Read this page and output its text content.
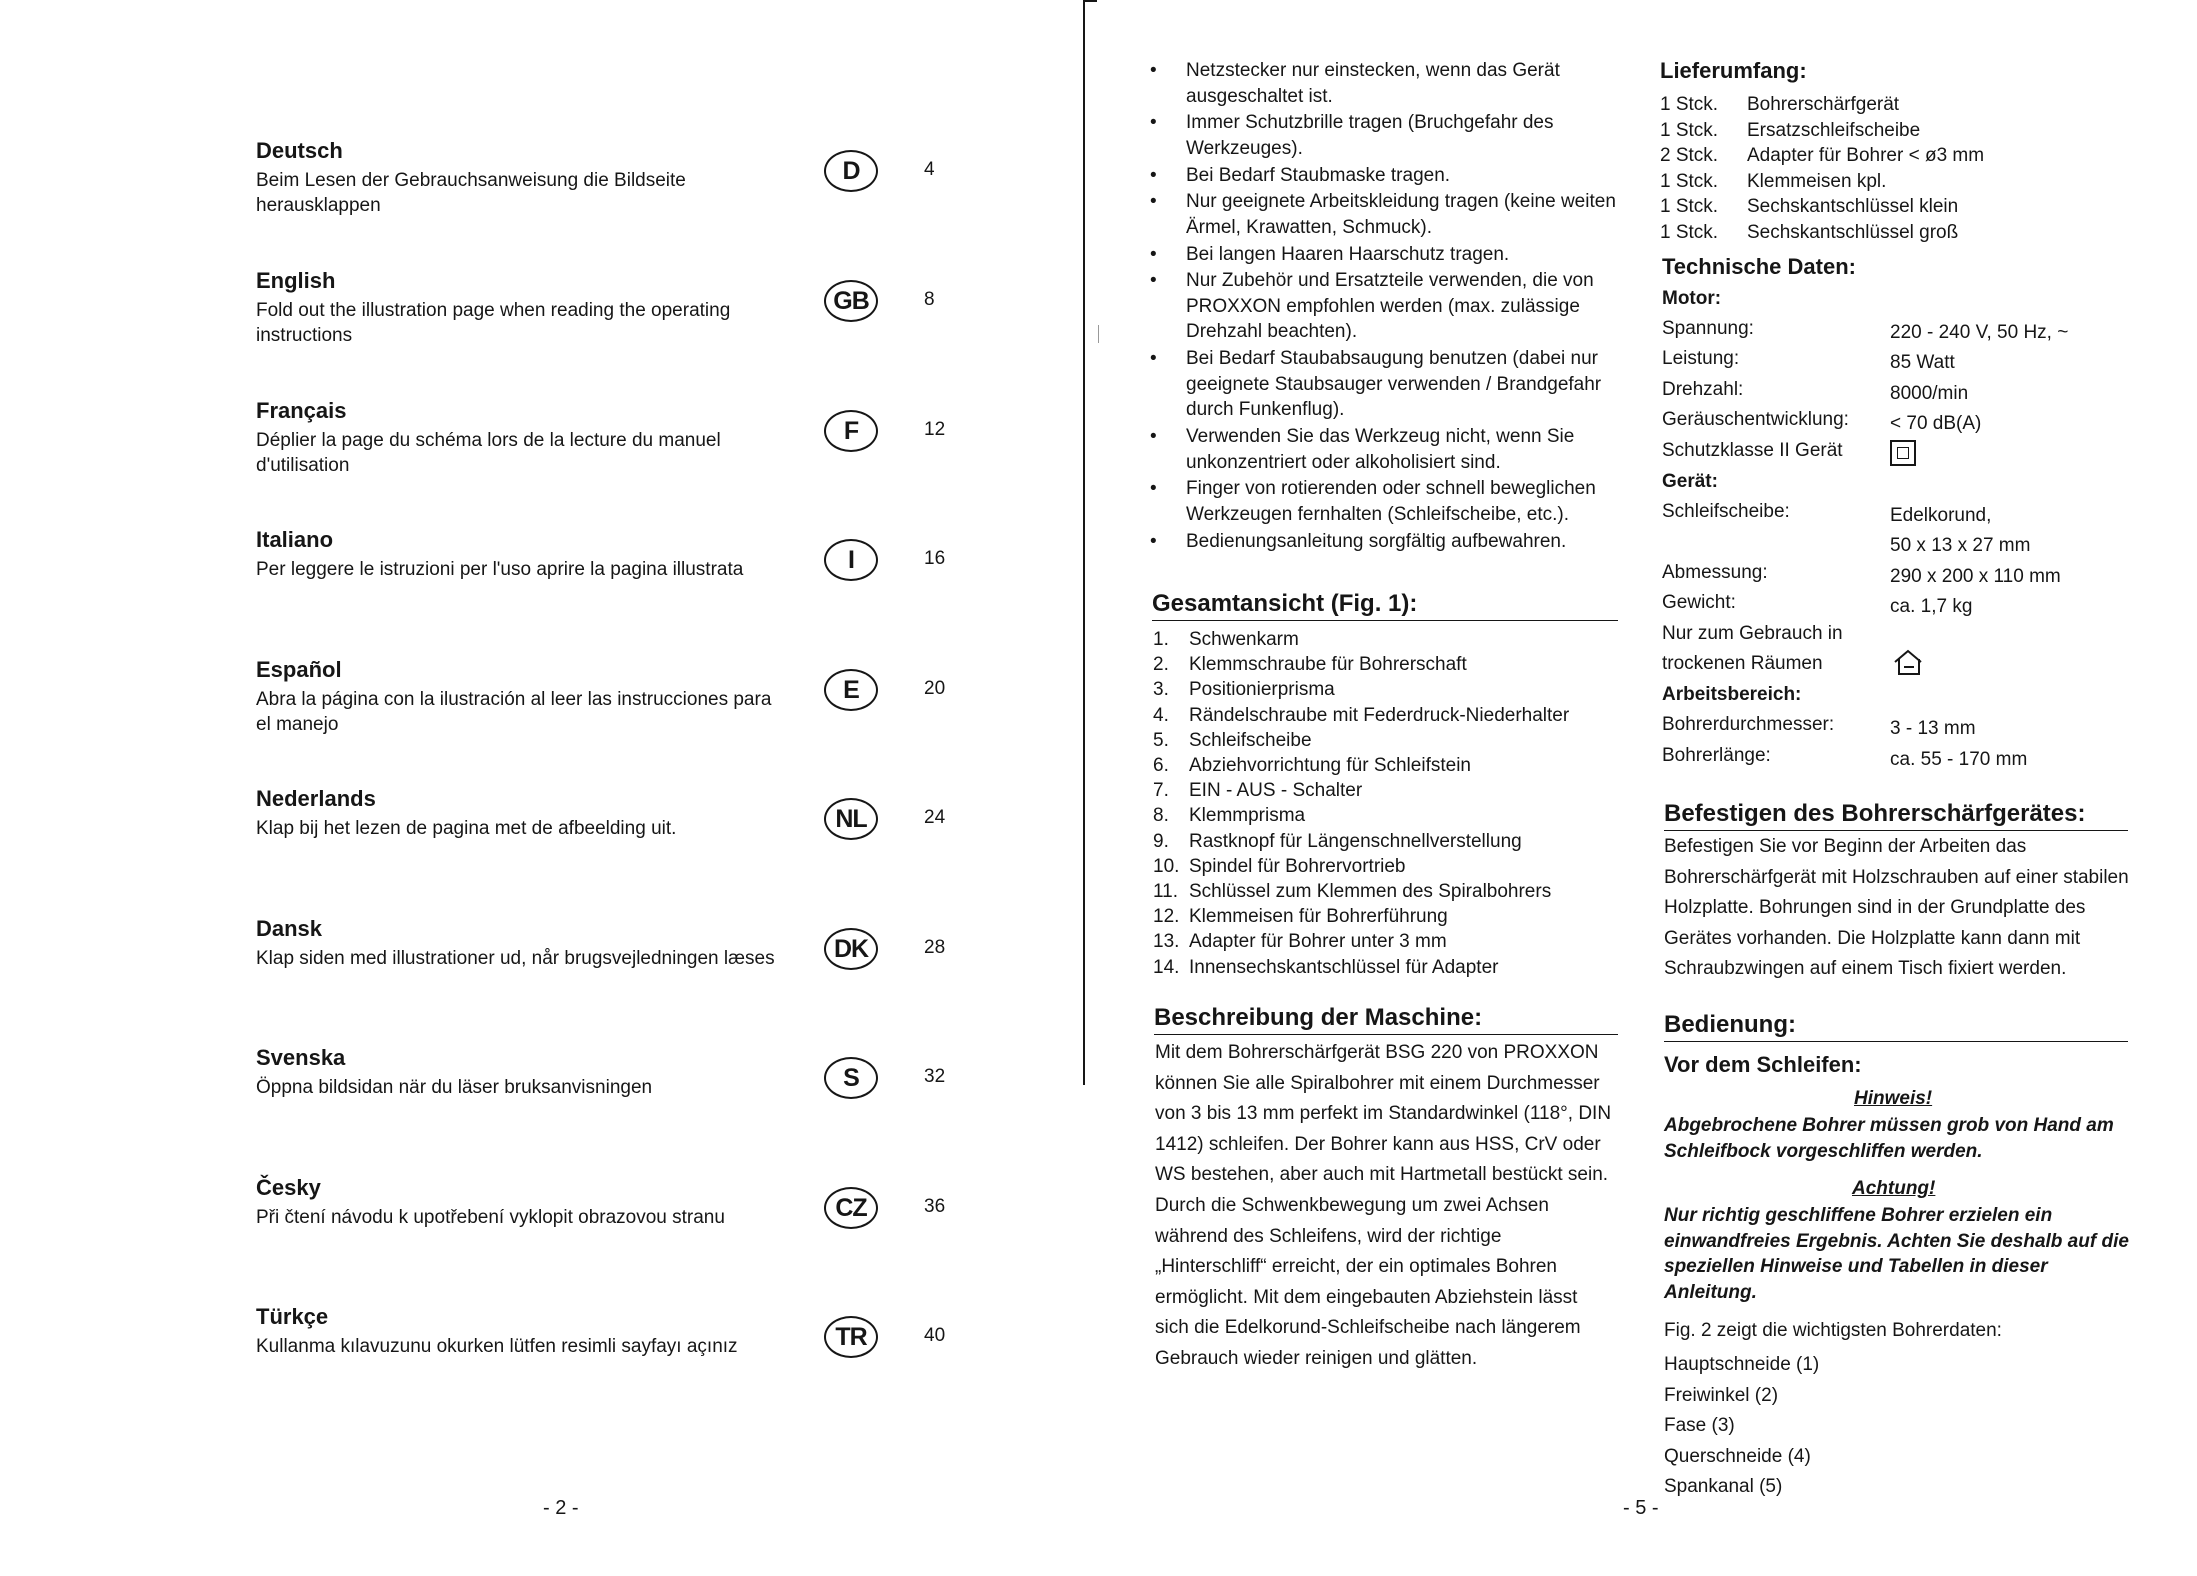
Deutsch
Beim Lesen der Gebrauchsanweisung die Bildseite herausklappen
D	4
English
Fold out the illustration page when reading the operating instructions
GB	8
Français
Déplier la page du schéma lors de la lecture du manuel d'utilisation
F	12
Italiano
Per leggere le istruzioni per l'uso aprire la pagina illustrata	I	16
Español
Abra la página con la ilustración al leer las instrucciones para el manejo
E	20
Nederlands
Klap bij het lezen de pagina met de afbeelding uit.	NL	24
Dansk
Klap siden med illustrationer ud, når brugsvejledningen læses	DK	28
Svenska
Öppna bildsidan när du läser bruksanvisningen	S	32
Česky
Při čtení návodu k upotřebení vyklopit obrazovou stranu	CZ	36
Türkçe
Kullanma kılavuzunu okurken lütfen resimli sayfayı açınız	TR	40
- 2 -
• Netzstecker nur einstecken, wenn das Gerät ausgeschaltet ist.
• Immer Schutzbrille tragen (Bruchgefahr des Werkzeuges).
• Bei Bedarf Staubmaske tragen.
• Nur geeignete Arbeitskleidung tragen (keine weiten Ärmel, Krawatten, Schmuck).
• Bei langen Haaren Haarschutz tragen.
• Nur Zubehör und Ersatzteile verwenden, die von PROXXON empfohlen werden (max. zulässige Drehzahl beachten).
• Bei Bedarf Staubabsaugung benutzen (dabei nur geeignete Staubsauger verwenden / Brandgefahr durch Funkenflug).
• Verwenden Sie das Werkzeug nicht, wenn Sie unkonzentriert oder alkoholisiert sind.
• Finger von rotierenden oder schnell beweglichen Werkzeugen fernhalten (Schleifscheibe, etc.).
• Bedienungsanleitung sorgfältig aufbewahren.
Gesamtansicht (Fig. 1):
1. Schwenkarm
2. Klemmschraube für Bohrerschaft
3. Positionierprisma
4. Rändelschraube mit Federdruck-Niederhalter
5. Schleifscheibe
6. Abziehvorrichtung für Schleifstein
7. EIN - AUS - Schalter
8. Klemmprisma
9. Rastknopf für Längenschnellverstellung
10. Spindel für Bohrervortrieb
11. Schlüssel zum Klemmen des Spiralbohrers
12. Klemmeisen für Bohrerführung
13. Adapter für Bohrer unter 3 mm
14. Innensechskantschlüssel für Adapter
Beschreibung der Maschine:
Mit dem Bohrerschärfgerät BSG 220 von PROXXON können Sie alle Spiralbohrer mit einem Durchmesser von 3 bis 13 mm perfekt im Standardwinkel (118°, DIN 1412) schleifen. Der Bohrer kann aus HSS, CrV oder WS bestehen, aber auch mit Hartmetall bestückt sein. Durch die Schwenkbewegung um zwei Achsen während des Schleifens, wird der richtige „Hinterschliff“ erreicht, der ein optimales Bohren ermöglicht. Mit dem eingebauten Abziehstein lässt sich die Edelkorund-Schleifscheibe nach längerem Gebrauch wieder reinigen und glätten.
- 5 -
Lieferumfang:
1 Stck. Bohrerschärfgerät
1 Stck. Ersatzschleifscheibe
2 Stck. Adapter für Bohrer < ø3 mm
1 Stck. Klemmeisen kpl.
1 Stck. Sechskantschlüssel klein
1 Stck. Sechskantschlüssel groß
Technische Daten:
Motor:
Spannung:	220 - 240 V, 50 Hz, ~
Leistung:	85 Watt
Drehzahl:	8000/min
Geräuschentwicklung: < 70 dB(A)
Schutzklasse II Gerät
Gerät:
Schleifscheibe:	Edelkorund,
50 x 13 x 27 mm
Abmessung:	290 x 200 x 110 mm
Gewicht:	ca. 1,7 kg
Nur zum Gebrauch in
trockenen Räumen
Arbeitsbereich:
Bohrerdurchmesser:	3 - 13 mm
Bohrerlänge:	ca. 55 - 170 mm
Befestigen des Bohrerschärfgerätes:
Befestigen Sie vor Beginn der Arbeiten das Bohrerschärfgerät mit Holzschrauben auf einer stabilen Holzplatte. Bohrungen sind in der Grundplatte des Gerätes vorhanden. Die Holzplatte kann dann mit Schraubzwingen auf einem Tisch fixiert werden.
Bedienung:
Vor dem Schleifen:
Hinweis!
Abgebrochene Bohrer müssen grob von Hand am Schleifbock vorgeschliffen werden.
Achtung!
Nur richtig geschliffene Bohrer erzielen ein einwandfreies Ergebnis. Achten Sie deshalb auf die speziellen Hinweise und Tabellen in dieser Anleitung.
Fig. 2 zeigt die wichtigsten Bohrerdaten:
Hauptschneide (1)
Freiwinkel (2)
Fase (3)
Querschneide (4)
Spankanal (5)
